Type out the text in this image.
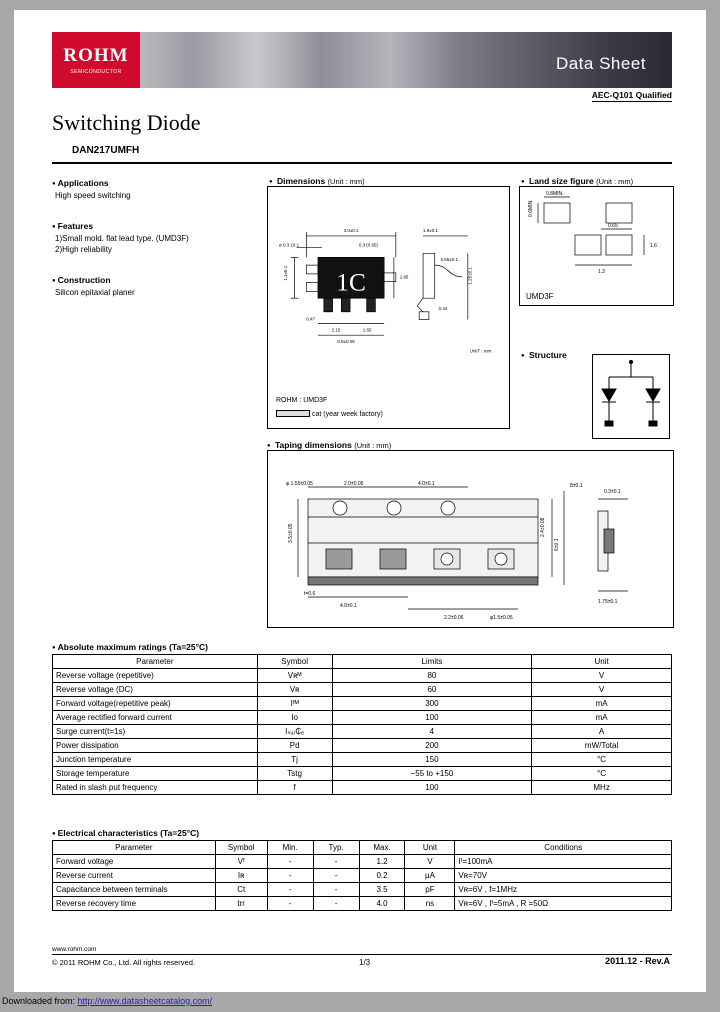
ROHM
SEMICONDUCTOR	Data Sheet
AEC-Q101 Qualified
Switching Diode
DAN217UMFH

● Applications

High speed switching

● Features

1)Small mold. flat lead type. (UMD3F)

2)High reliability

● Construction

Silicon epitaxial planer

● Dimensions (Unit : mm)
1C
3.0±0.1
ø 0.3 ±0.1	0.3 (0.65)
1.65
1.1±0.1
0.47
2.15	1.65
0.5±0.05
1.9±0.1
0.65±0.1
1.25±0.1
0.44
UNIT : mm
ROHM : UMD3F
cat (year week factory)
● Land size figure (Unit : mm)
0.8MIN.
0.6MIN.
0.65
1.6
1.3
UMD3F
● Structure
● Taping dimensions (Unit : mm)
φ 1.55±0.05	2.0±0.05	4.0±0.1	8±0.1
0.3±0.1
3.5±0.05
6±0.1
2.4±0.08
t=0.6
4.0±0.1
2.2±0.06	φ1.5±0.05
1.75±0.1
● Absolute maximum ratings (Ta=25°C)
Parameter	Symbol	Limits	Unit
Reverse voltage (repetitive)	Vʀᴹ	80	V
Reverse voltage (DC)	Vʀ	60	V
Forward voltage(repetitive peak)	Iᶠᴹ	300	mA
Average rectified forward current	Io	100	mA
Surge current(t=1s)	Iₛᵤᵣ₵ₑ	4	A
Power dissipation	Pd	200	mW/Total
Junction temperature	Tj	150	°C
Storage temperature	Tstg	−55 to +150	°C
Rated in slash put frequency	f	100	MHz
● Electrical characteristics (Ta=25°C)
Parameter	Symbol	Min.	Typ.	Max.	Unit	Conditions
Forward voltage	Vᶠ	-	-	1.2	V	Iᶠ=100mA
Reverse current	Iʀ	-	-	0.2	μA	Vʀ=70V
Capacitance between terminals	Ct	-	-	3.5	pF	Vʀ=6V , f=1MHz
Reverse recovery time	trr	-	-	4.0	ns	Vʀ=6V , Iᶠ=5mA , R =50Ω
www.rohm.com
© 2011 ROHM Co., Ltd. All rights reserved.	1/3	2011.12 - Rev.A
Downloaded from: http://www.datasheetcatalog.com/
